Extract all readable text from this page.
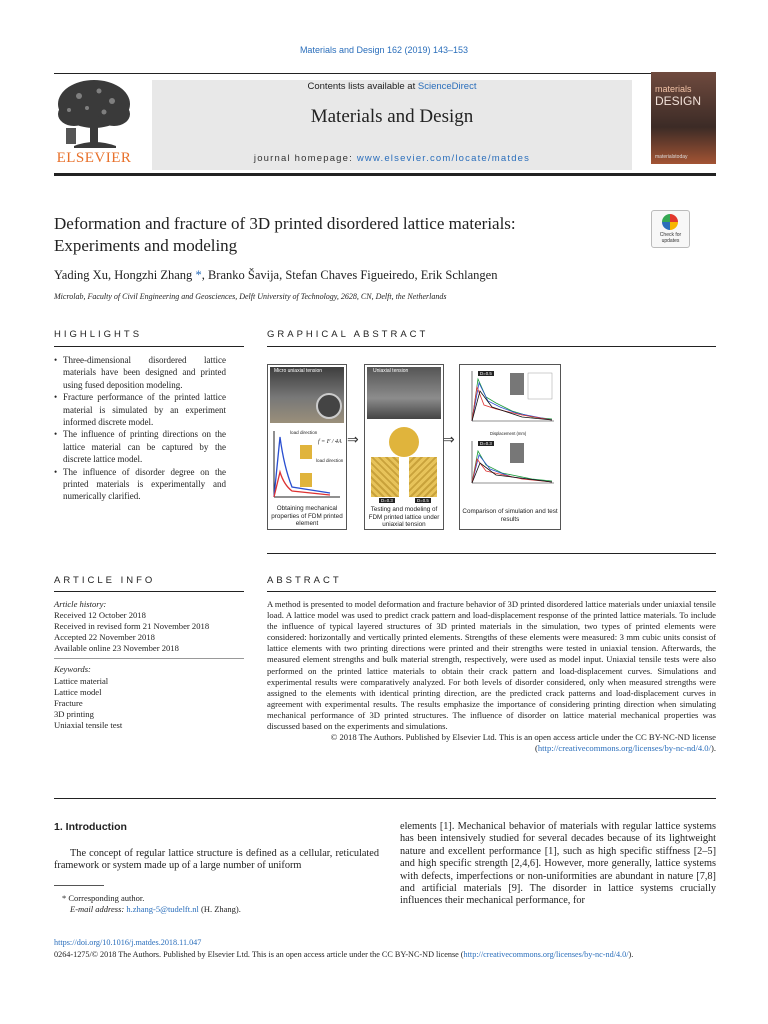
Materials and Design 162 (2019) 143–153
Contents lists available at ScienceDirect
Materials and Design
journal homepage: www.elsevier.com/locate/matdes
ELSEVIER
materials
DESIGN
materialstoday
Deformation and fracture of 3D printed disordered lattice materials:
Experiments and modeling
Check for updates
Yading Xu, Hongzhi Zhang *, Branko Šavija, Stefan Chaves Figueiredo, Erik Schlangen
Microlab, Faculty of Civil Engineering and Geosciences, Delft University of Technology, 2628, CN, Delft, the Netherlands
HIGHLIGHTS
• Three-dimensional disordered lattice materials have been designed and printed using fused deposition modeling.
• Fracture performance of the printed lattice material is simulated by an experiment informed discrete model.
• The influence of printing directions on the lattice material can be captured by the discrete lattice model.
• The influence of disorder degree on the printed materials is experimentally and numerically clarified.
GRAPHICAL ABSTRACT
Micro uniaxial tension
load direction
load direction
f = F / 4A
Obtaining mechanical properties of FDM printed element
⇒
Uniaxial tension
D=0.3	D=0.5
Testing and modeling of FDM printed lattice under uniaxial tension
⇒
D=0.5
Displacement (mm)
D=0.3
Comparison of simulation and test results
ARTICLE INFO
Article history:
Received 12 October 2018
Received in revised form 21 November 2018
Accepted 22 November 2018
Available online 23 November 2018
Keywords:
Lattice material
Lattice model
Fracture
3D printing
Uniaxial tensile test
ABSTRACT
A method is presented to model deformation and fracture behavior of 3D printed disordered lattice materials under uniaxial tensile load. A lattice model was used to predict crack pattern and load-displacement response of the printed lattice materials. To include the influence of typical layered structures of 3D printed materials in the simulation, two types of printed elements were considered: horizontally and vertically printed elements. Strengths of these elements were measured: 3 mm cubic units consist of lattice elements with two printing directions were printed and their strengths were tested in uniaxial tension. Afterwards, the measured element strengths and bulk material strength, respectively, were used as model input. Uniaxial tensile tests were also performed on the printed lattice materials to obtain their crack pattern and load-displacement curves. Simulations and experimental results were comparatively analyzed. For both levels of disorder considered, only when measured strengths were assigned to the elements with identical printing direction, are the predicted crack patterns and load-displacement curves in agreement with experimental results. The results emphasize the importance of considering printing direction when simulating mechanical performance of 3D printed structures. The influence of disorder on lattice material mechanical properties was discussed based on the experiments and simulations.
© 2018 The Authors. Published by Elsevier Ltd. This is an open access article under the CC BY-NC-ND license (http://creativecommons.org/licenses/by-nc-nd/4.0/).
1. Introduction
The concept of regular lattice structure is defined as a cellular, reticulated framework or system made up of a large number of uniform
elements [1]. Mechanical behavior of materials with regular lattice systems has been intensively studied for several decades because of its lightweight nature and excellent performance [1], such as high specific stiffness [2–5] and high specific strength [2,4,6]. However, more generally, lattice systems with defects, imperfections or non-uniformities are abundant in nature [7,8] and artificial materials [9]. The disorder in lattice systems crucially influences their mechanical performance, for
* Corresponding author.
E-mail address: h.zhang-5@tudelft.nl (H. Zhang).
https://doi.org/10.1016/j.matdes.2018.11.047
0264-1275/© 2018 The Authors. Published by Elsevier Ltd. This is an open access article under the CC BY-NC-ND license (http://creativecommons.org/licenses/by-nc-nd/4.0/).
